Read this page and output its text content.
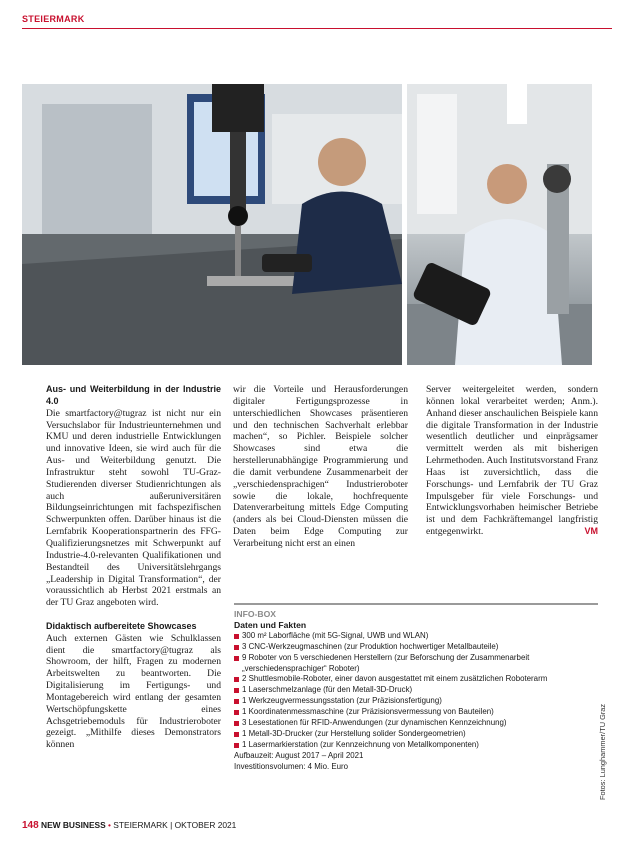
STEIERMARK

Aus- und Weiterbildung in der Industrie 4.0

Die smartfactory@tugraz ist nicht nur ein Versuchslabor für Industrieunternehmen und KMU und deren industrielle Entwicklungen und innovative Ideen, sie wird auch für die Aus- und Weiterbildung genutzt. Die Infrastruktur steht sowohl TU-Graz-Studierenden diverser Studienrichtungen als auch außeruniversitären Bildungseinrichtungen mit fachspezifischen Schwerpunkten offen. Darüber hinaus ist die Lernfabrik Kooperationspartnerin des FFG-Qualifizierungsnetzes mit Schwerpunkt auf Industrie-4.0-relevanten Qualifikationen und Bestandteil des Universitätslehrgangs „Leadership in Digital Transformation“, der voraussichtlich ab Herbst 2021 erstmals an der TU Graz angeboten wird.

Didaktisch aufbereitete Showcases

Auch externen Gästen wie Schulklassen dient die smartfactory@tugraz als Showroom, der hilft, Fragen zu modernen Arbeitswelten zu beantworten. Die Digitalisierung im Fertigungs- und Montagebereich wird entlang der gesamten Wertschöpfungskette eines Achsgetriebemoduls für Industrieroboter gezeigt. „Mithilfe dieses Demonstrators können

wir die Vorteile und Herausforderungen digitaler Fertigungsprozesse in unterschiedlichen Showcases präsentieren und den technischen Sachverhalt erlebbar machen“, so Pichler. Beispiele solcher Showcases sind etwa die herstellerunabhängige Programmierung und die damit verbundene Zusammenarbeit der „verschiedensprachigen“ Industrieroboter sowie die lokale, hochfrequente Datenverarbeitung mittels Edge Computing (anders als bei Cloud-Diensten müssen die Daten beim Edge Computing zur Verarbeitung nicht erst an einen

Server weitergeleitet werden, sondern können lokal verarbeitet werden; Anm.). Anhand dieser anschaulichen Beispiele kann die digitale Transformation in der Industrie wesentlich deutlicher und einprägsamer vermittelt werden als mit bisherigen Lehrmethoden. Auch Institutsvorstand Franz Haas ist zuversichtlich, dass die Forschungs- und Lernfabrik der TU Graz Impulsgeber für viele Forschungs- und Entwicklungsvorhaben heimischer Betriebe ist und dem Fachkräftemangel langfristig entgegenwirkt.	VM

INFO-BOX
Daten und Fakten
300 m² Laborfläche (mit 5G-Signal, UWB und WLAN)
3 CNC-Werkzeugmaschinen (zur Produktion hochwertiger Metallbauteile)
9 Roboter von 5 verschiedenen Herstellern (zur Beforschung der Zusammenarbeit „verschiedensprachiger“ Roboter)
2 Shuttlesmobile-Roboter, einer davon ausgestattet mit einem zusätzlichen Roboterarm
1 Laserschmelzanlage (für den Metall-3D-Druck)
1 Werkzeugvermessungsstation (zur Präzisionsfertigung)
1 Koordinatenmessmaschine (zur Präzisionsvermessung von Bauteilen)
3 Lesestationen für RFID-Anwendungen (zur dynamischen Kennzeichnung)
1 Metall-3D-Drucker (zur Herstellung solider Sondergeometrien)
1 Lasermarkierstation (zur Kennzeichnung von Metallkomponenten)
Aufbauzeit: August 2017 – April 2021
Investitionsvolumen: 4 Mio. Euro	Fotos: Lunghammer/TU Graz
148 NEW BUSINESS • STEIERMARK | OKTOBER 2021
